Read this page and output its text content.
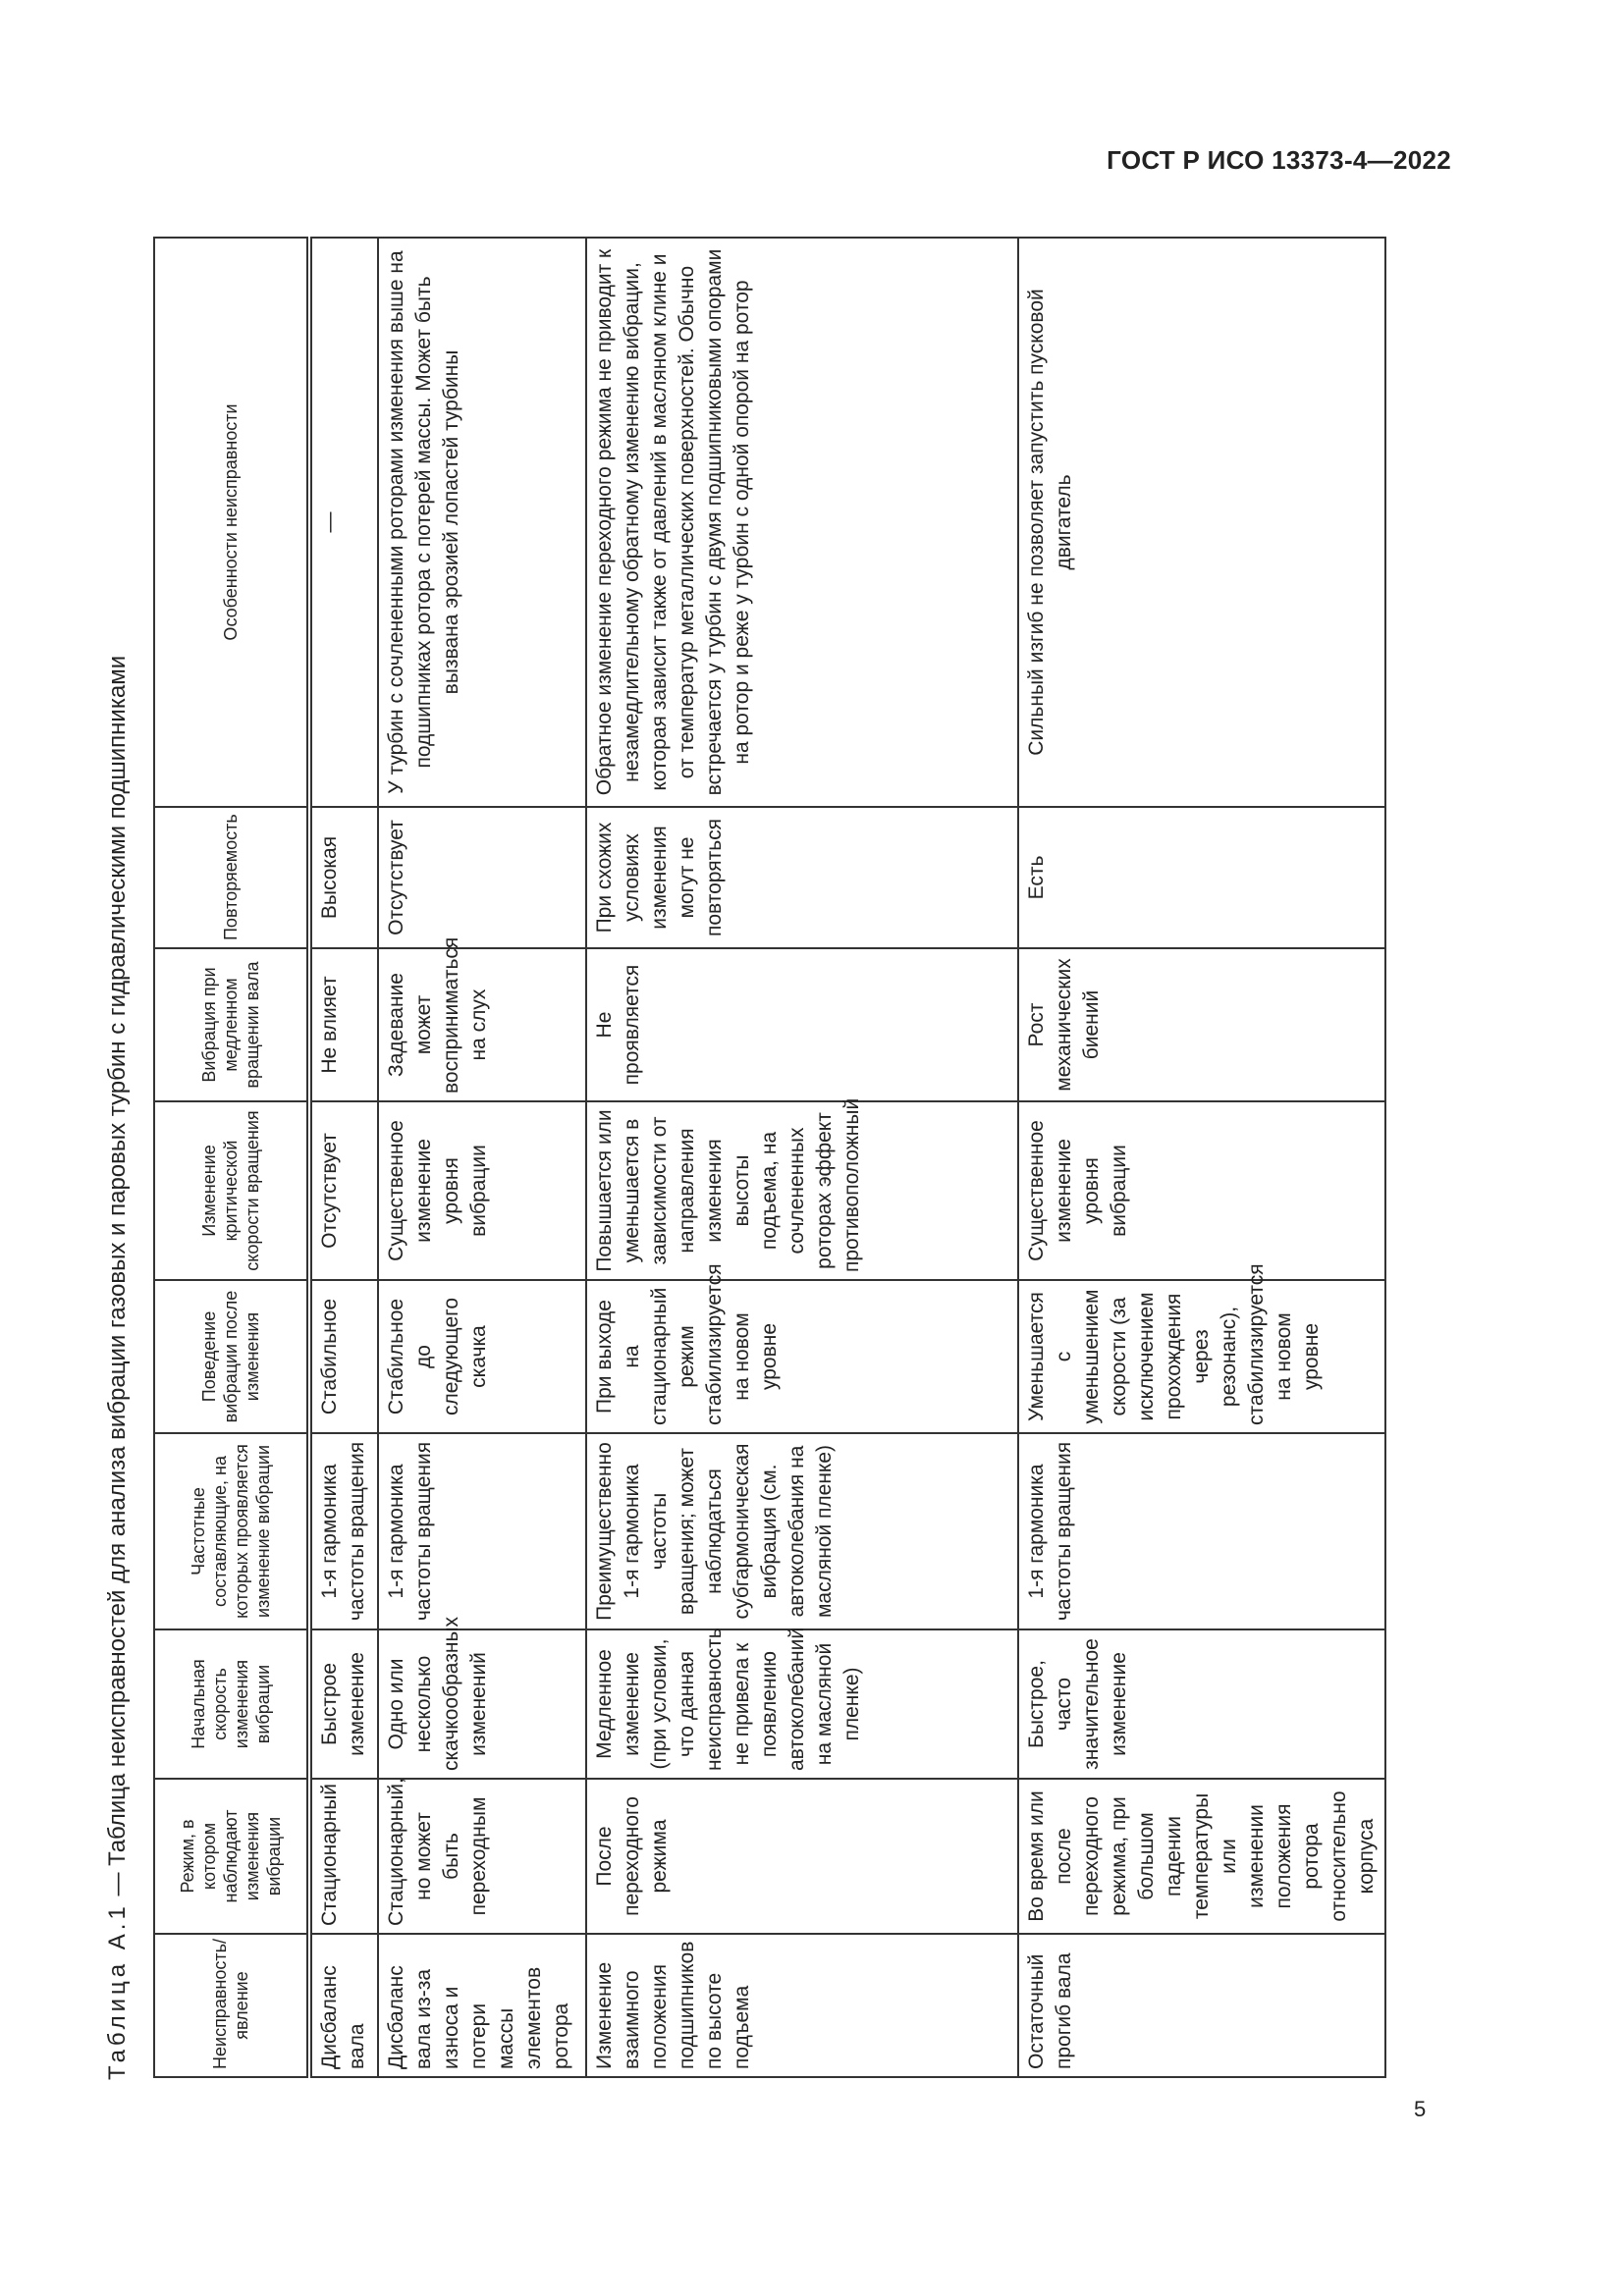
ГОСТ Р ИСО 13373-4—2022
Таблица А.1 — Таблица неисправностей для анализа вибрации газовых и паровых турбин с гидравлическими подшипниками
Неисправность/ явление	Режим, в котором наблюдают изменения вибрации	Начальная скорость изменения вибрации	Частотные составляющие, на которых проявляется изменение вибрации	Поведение вибрации после изменения	Изменение критической скорости вращения	Вибрация при медленном вращении вала	Повторяемость	Особенности неисправности
Дисбаланс вала	Стационарный	Быстрое изменение	1-я гармоника частоты вращения	Стабильное	Отсутствует	Не влияет	Высокая	—
Дисбаланс вала из-за износа и потери массы элементов ротора	Стационарный, но может быть переходным	Одно или несколько скачкообразных изменений	1-я гармоника частоты вращения	Стабильное до следующего скачка	Существенное изменение уровня вибрации	Задевание может восприниматься на слух	Отсутствует	У турбин с сочлененными роторами изменения выше на подшипниках ротора с потерей массы. Может быть вызвана эрозией лопастей турбины
Изменение взаимного положения подшипников по высоте подъема	После переходного режима	Медленное изменение (при условии, что данная неисправность не привела к появлению автоколебаний на масляной пленке)	Преимущественно 1-я гармоника частоты вращения; может наблюдаться субгармоническая вибрация (см. автоколебания на масляной пленке)	При выходе на стационарный режим стабилизируется на новом уровне	Повышается или уменьшается в зависимости от направления изменения высоты подъема, на сочлененных роторах эффект противоположный	Не проявляется	При схожих условиях изменения могут не повторяться	Обратное изменение переходного режима не приводит к незамедлительному обратному изменению вибрации, которая зависит также от давлений в масляном клине и от температур металлических поверхностей. Обычно встречается у турбин с двумя подшипниковыми опорами на ротор и реже у турбин с одной опорой на ротор
Остаточный прогиб вала	Во время или после переходного режима, при большом падении температуры или изменении положения ротора относительно корпуса	Быстрое, часто значительное изменение	1-я гармоника частоты вращения	Уменьшается с уменьшением скорости (за исключением прохождения через резонанс), стабилизируется на новом уровне	Существенное изменение уровня вибрации	Рост механических биений	Есть	Сильный изгиб не позволяет запустить пусковой двигатель
5
